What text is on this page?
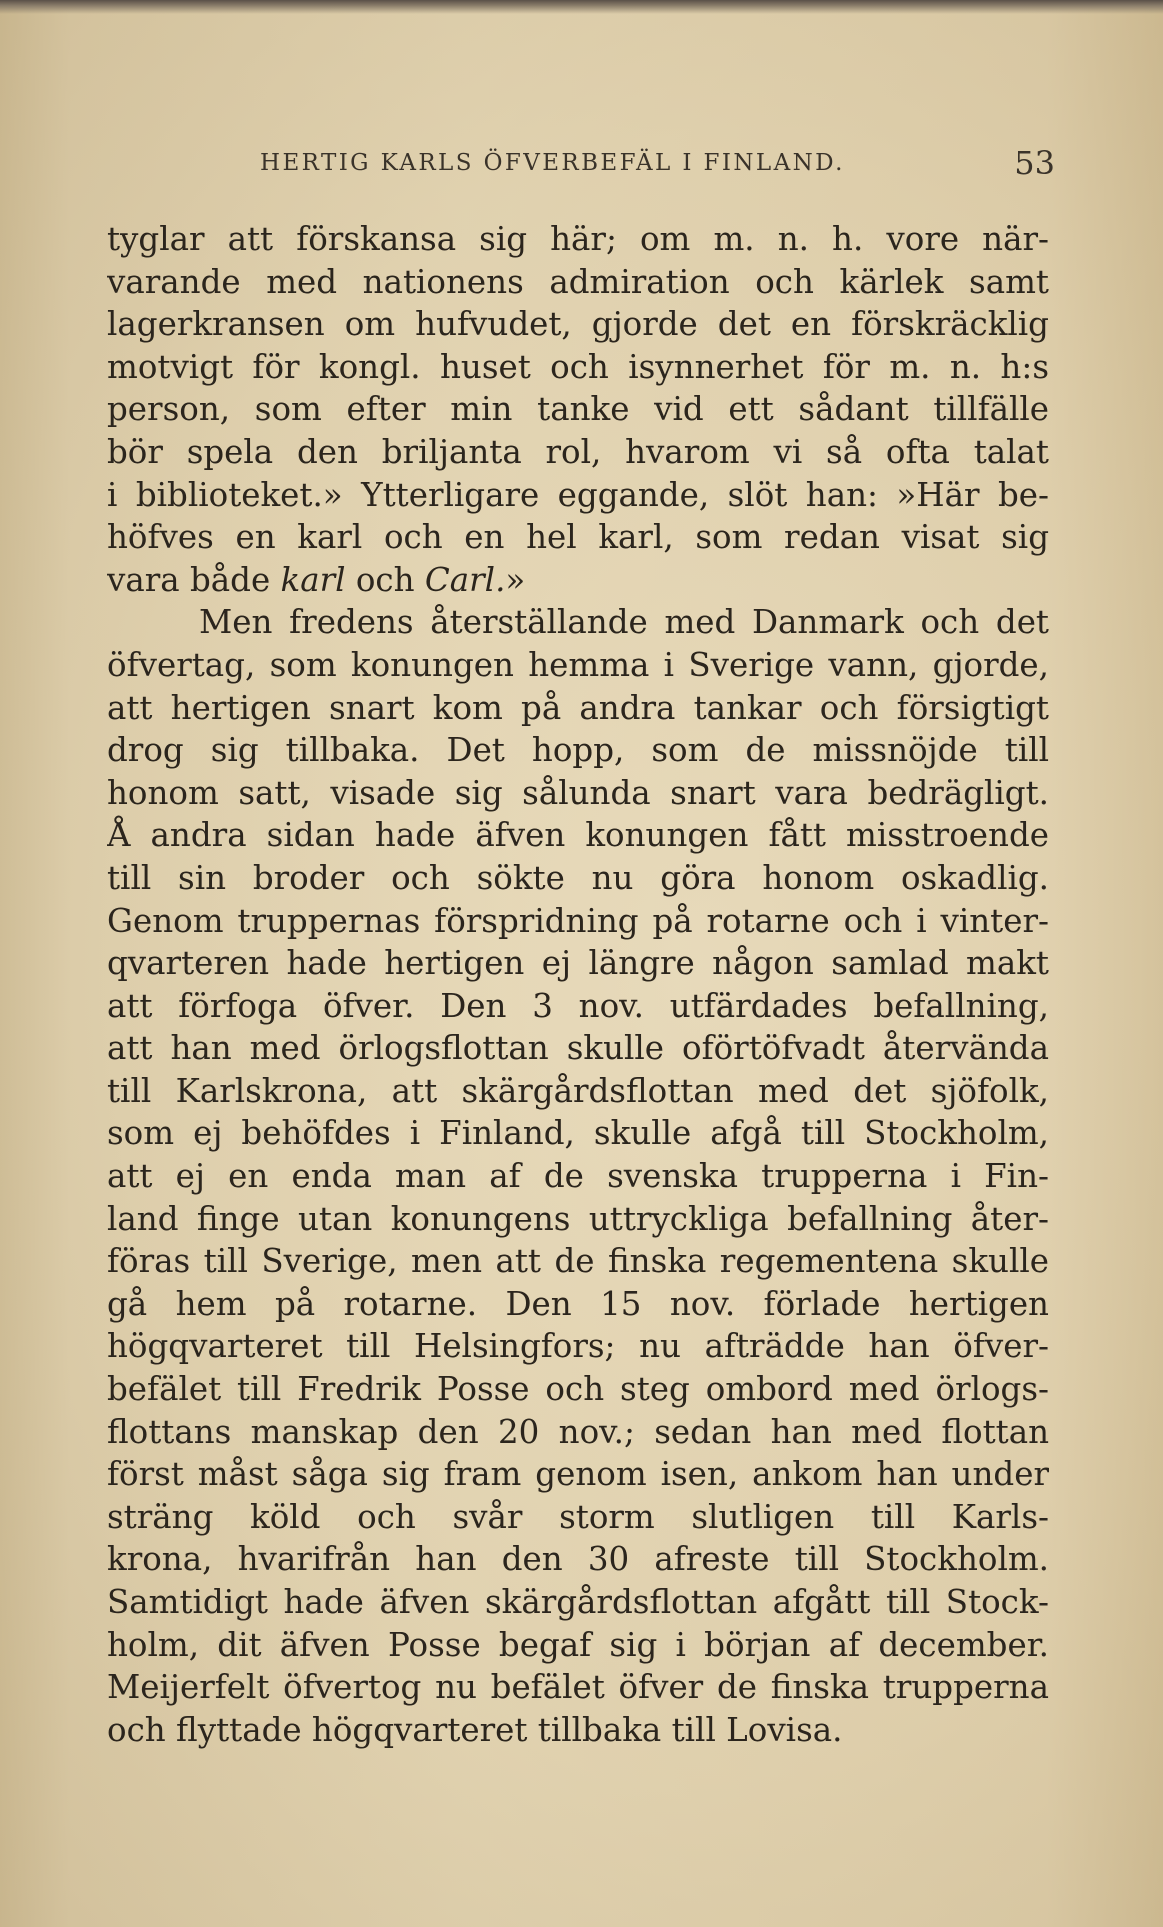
HERTIG KARLS ÖFVERBEFÄL I FINLAND.	53
tyglar att förskansa sig här; om m. n. h. vore när-
varande med nationens admiration och kärlek samt
lagerkransen om hufvudet, gjorde det en förskräcklig
motvigt för kongl. huset och isynnerhet för m. n. h:s
person, som efter min tanke vid ett sådant tillfälle
bör spela den briljanta rol, hvarom vi så ofta talat
i biblioteket.» Ytterligare eggande, slöt han: »Här be-
höfves en karl och en hel karl, som redan visat sig
vara både karl och Carl.»
Men fredens återställande med Danmark och det
öfvertag, som konungen hemma i Sverige vann, gjorde,
att hertigen snart kom på andra tankar och försigtigt
drog sig tillbaka. Det hopp, som de missnöjde till
honom satt, visade sig sålunda snart vara bedrägligt.
Å andra sidan hade äfven konungen fått misstroende
till sin broder och sökte nu göra honom oskadlig.
Genom truppernas förspridning på rotarne och i vinter-
qvarteren hade hertigen ej längre någon samlad makt
att förfoga öfver. Den 3 nov. utfärdades befallning,
att han med örlogsflottan skulle oförtöfvadt återvända
till Karlskrona, att skärgårdsflottan med det sjöfolk,
som ej behöfdes i Finland, skulle afgå till Stockholm,
att ej en enda man af de svenska trupperna i Fin-
land finge utan konungens uttryckliga befallning åter-
föras till Sverige, men att de finska regementena skulle
gå hem på rotarne. Den 15 nov. förlade hertigen
högqvarteret till Helsingfors; nu afträdde han öfver-
befälet till Fredrik Posse och steg ombord med örlogs-
flottans manskap den 20 nov.; sedan han med flottan
först måst såga sig fram genom isen, ankom han under
sträng köld och svår storm slutligen till Karls-
krona, hvarifrån han den 30 afreste till Stockholm.
Samtidigt hade äfven skärgårdsflottan afgått till Stock-
holm, dit äfven Posse begaf sig i början af december.
Meijerfelt öfvertog nu befälet öfver de finska trupperna
och flyttade högqvarteret tillbaka till Lovisa.
